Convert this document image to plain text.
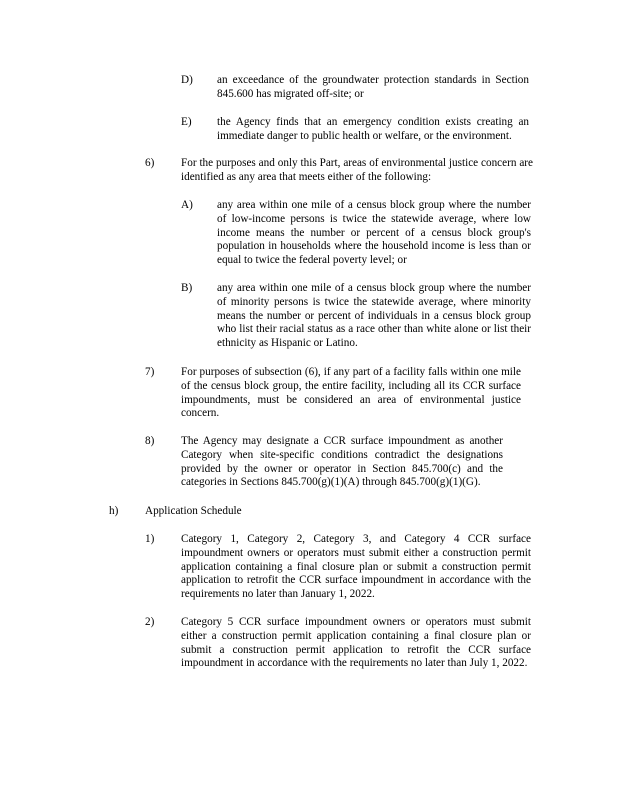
D) an exceedance of the groundwater protection standards in Section 845.600 has migrated off-site; or

E) the Agency finds that an emergency condition exists creating an immediate danger to public health or welfare, or the environment.

6) For the purposes and only this Part, areas of environmental justice concern are identified as any area that meets either of the following:

A) any area within one mile of a census block group where the number of low-income persons is twice the statewide average, where low income means the number or percent of a census block group's population in households where the household income is less than or equal to twice the federal poverty level; or

B) any area within one mile of a census block group where the number of minority persons is twice the statewide average, where minority means the number or percent of individuals in a census block group who list their racial status as a race other than white alone or list their ethnicity as Hispanic or Latino.

7) For purposes of subsection (6), if any part of a facility falls within one mile of the census block group, the entire facility, including all its CCR surface impoundments, must be considered an area of environmental justice concern.

8) The Agency may designate a CCR surface impoundment as another Category when site-specific conditions contradict the designations provided by the owner or operator in Section 845.700(c) and the categories in Sections 845.700(g)(1)(A) through 845.700(g)(1)(G).

h) Application Schedule
1) Category 1, Category 2, Category 3, and Category 4 CCR surface impoundment owners or operators must submit either a construction permit application containing a final closure plan or submit a construction permit application to retrofit the CCR surface impoundment in accordance with the requirements no later than January 1, 2022.

2) Category 5 CCR surface impoundment owners or operators must submit either a construction permit application containing a final closure plan or submit a construction permit application to retrofit the CCR surface impoundment in accordance with the requirements no later than July 1, 2022.
